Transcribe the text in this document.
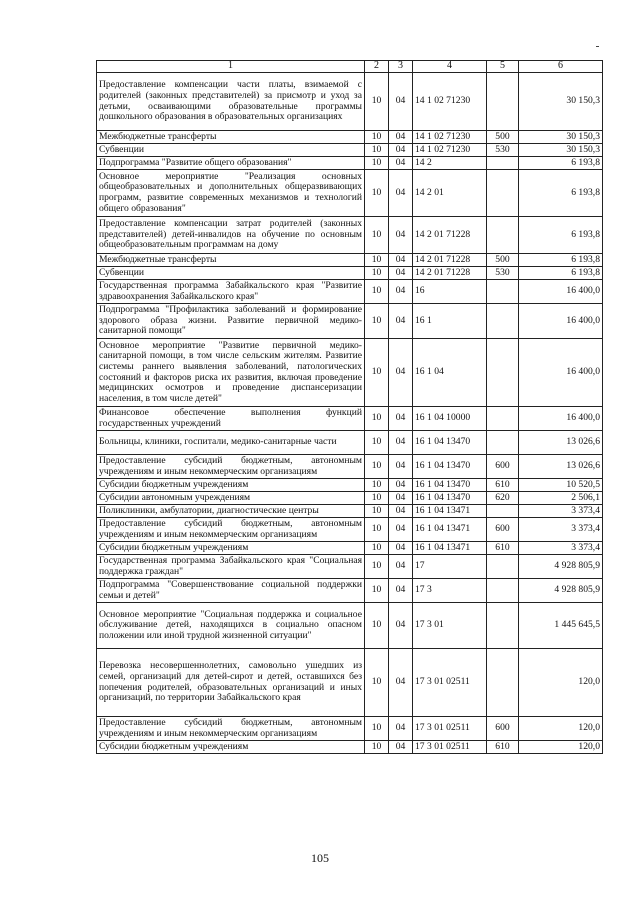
1	2	3	4	5	6
Предоставление компенсации части платы, взимаемой с родителей (законных представителей) за присмотр и уход за детьми, осваивающими образовательные программы дошкольного образования в образовательных организациях	10	04	14 1 02 71230		30 150,3
Межбюджетные трансферты	10	04	14 1 02 71230	500	30 150,3
Субвенции	10	04	14 1 02 71230	530	30 150,3
Подпрограмма "Развитие общего образования"	10	04	14 2		6 193,8
Основное мероприятие "Реализация основных общеобразовательных и дополнительных общеразвивающих программ, развитие современных механизмов и технологий общего образования"	10	04	14 2 01		6 193,8
Предоставление компенсации затрат родителей (законных представителей) детей-инвалидов на обучение по основным общеобразовательным программам на дому	10	04	14 2 01 71228		6 193,8
Межбюджетные трансферты	10	04	14 2 01 71228	500	6 193,8
Субвенции	10	04	14 2 01 71228	530	6 193,8
Государственная программа Забайкальского края "Развитие здравоохранения Забайкальского края"	10	04	16		16 400,0
Подпрограмма "Профилактика заболеваний и формирование здорового образа жизни. Развитие первичной медико-санитарной помощи"	10	04	16 1		16 400,0
Основное мероприятие "Развитие первичной медико-санитарной помощи, в том числе сельским жителям. Развитие системы раннего выявления заболеваний, патологических состояний и факторов риска их развития, включая проведение медицинских осмотров и проведение диспансеризации населения, в том числе детей"	10	04	16 1 04		16 400,0
Финансовое обеспечение выполнения функций государственных учреждений	10	04	16 1 04 10000		16 400,0
Больницы, клиники, госпитали, медико-санитарные части	10	04	16 1 04 13470		13 026,6
Предоставление субсидий бюджетным, автономным учреждениям и иным некоммерческим организациям	10	04	16 1 04 13470	600	13 026,6
Субсидии бюджетным учреждениям	10	04	16 1 04 13470	610	10 520,5
Субсидии автономным учреждениям	10	04	16 1 04 13470	620	2 506,1
Поликлиники, амбулатории, диагностические центры	10	04	16 1 04 13471		3 373,4
Предоставление субсидий бюджетным, автономным учреждениям и иным некоммерческим организациям	10	04	16 1 04 13471	600	3 373,4
Субсидии бюджетным учреждениям	10	04	16 1 04 13471	610	3 373,4
Государственная программа Забайкальского края "Социальная поддержка граждан"	10	04	17		4 928 805,9
Подпрограмма "Совершенствование социальной поддержки семьи и детей"	10	04	17 3		4 928 805,9
Основное мероприятие "Социальная поддержка и социальное обслуживание детей, находящихся в социально опасном положении или иной трудной жизненной ситуации"	10	04	17 3 01		1 445 645,5
Перевозка несовершеннолетних, самовольно ушедших из семей, организаций для детей-сирот и детей, оставшихся без попечения родителей, образовательных организаций и иных организаций, по территории Забайкальского края	10	04	17 3 01 02511		120,0
Предоставление субсидий бюджетным, автономным учреждениям и иным некоммерческим организациям	10	04	17 3 01 02511	600	120,0
Субсидии бюджетным учреждениям	10	04	17 3 01 02511	610	120,0
105
